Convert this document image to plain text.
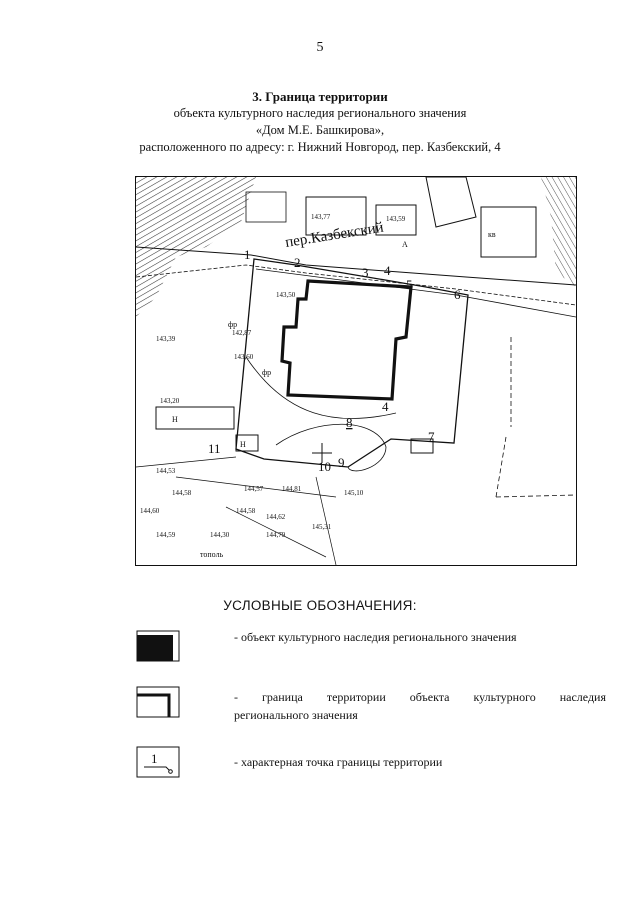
5
3. Граница территории
объекта культурного наследия регионального значения
«Дом М.Е. Башкирова»,
расположенного по адресу: г. Нижний Новгород, пер. Казбекский, 4
пер.Казбекский
1
2
3 4
5
6
7
8
9
10
11
4
Н
Н
фр
фр
А
кв
тополь
143,77	143,59
143,50
144,53
144,58	144,57	144,81
144,58
144,62
144,60
144,59	144,30	144,79
145,31
145,10
143,39
142,87
143,60
143,20
УСЛОВНЫЕ ОБОЗНАЧЕНИЯ:
- объект культурного наследия регионального значения
- граница территории объекта культурного наследия
регионального значения
1	- характерная точка границы территории
